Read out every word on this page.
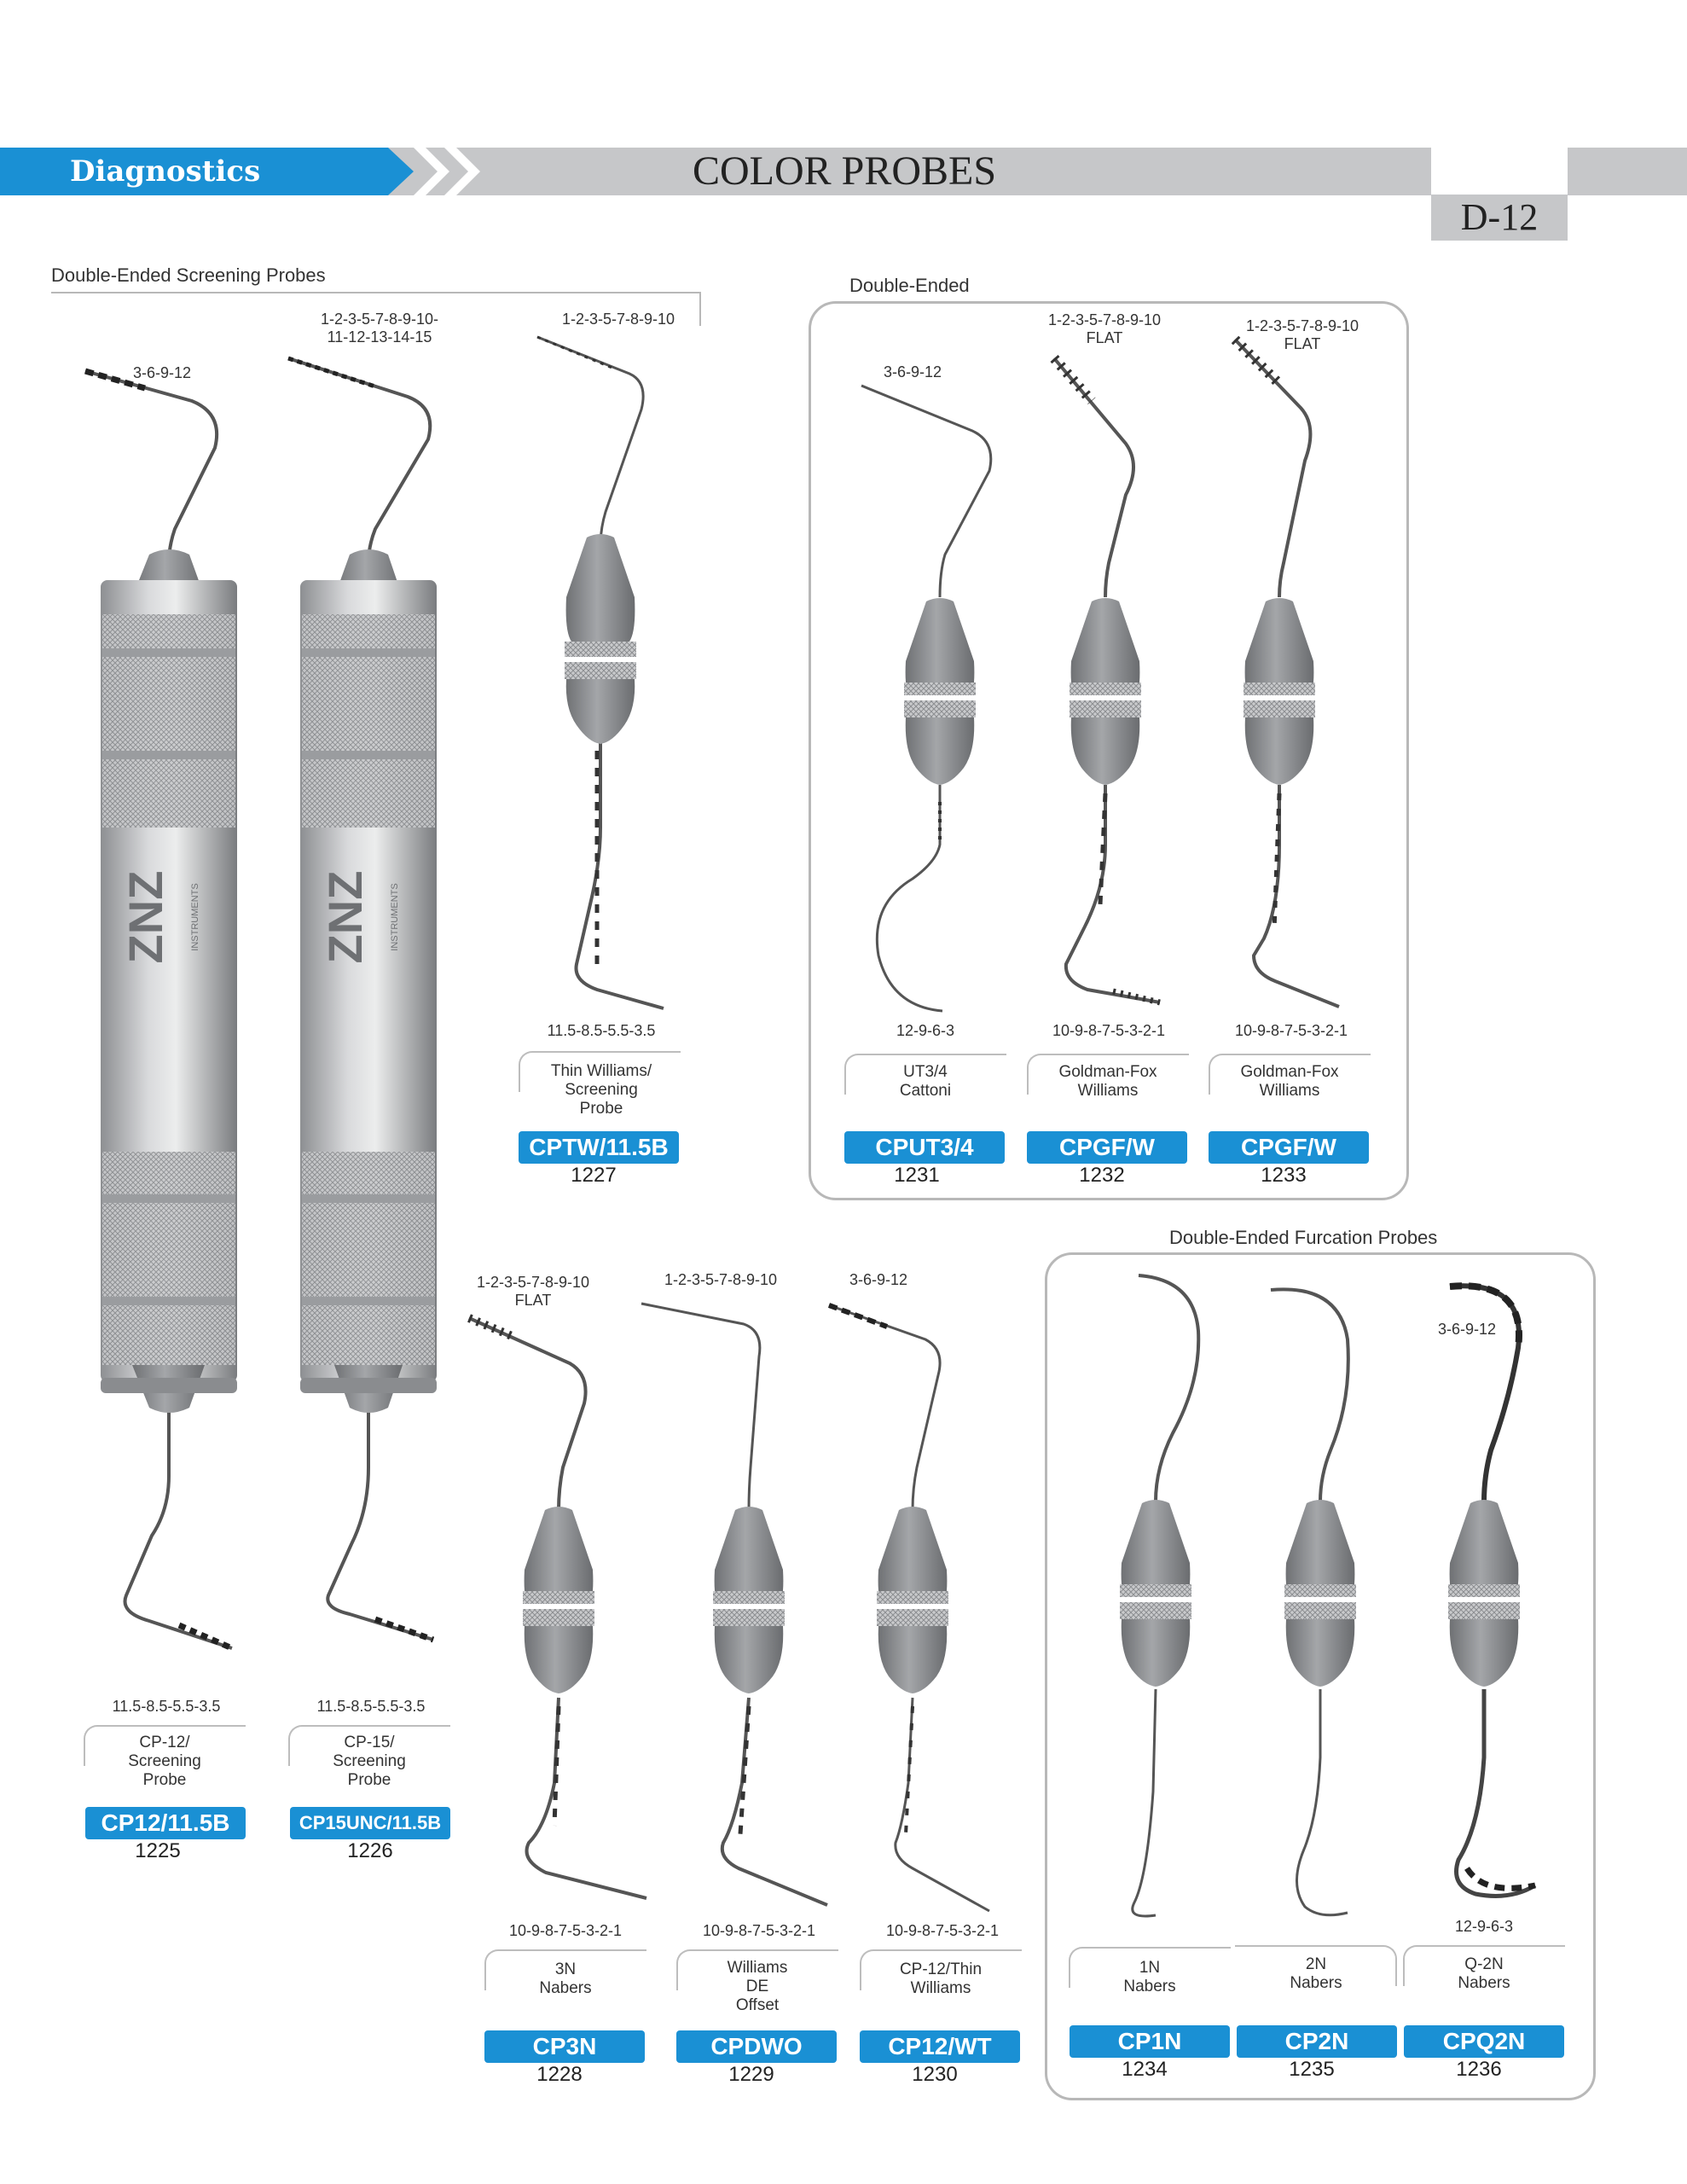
Diagnostics	COLOR PROBES
D-12
Double-Ended Screening Probes	Double-Ended
Double-Ended Furcation Probes
ZNZ INSTRUMENTS ZNZ INSTRUMENTS
3-6-9-12
11.5-8.5-5.5-3.5
CP-12/
Screening
Probe
CP12/11.5B
1225
1-2-3-5-7-8-9-10-
11-12-13-14-15
11.5-8.5-5.5-3.5
CP-15/
Screening
Probe
CP15UNC/11.5B
1226
1-2-3-5-7-8-9-10
11.5-8.5-5.5-3.5
Thin Williams/
Screening
Probe
CPTW/11.5B
1227
3-6-9-12
12-9-6-3
UT3/4
Cattoni
CPUT3/4
1231
1-2-3-5-7-8-9-10
FLAT
10-9-8-7-5-3-2-1
Goldman-Fox
Williams
CPGF/W
1232
1-2-3-5-7-8-9-10
FLAT
10-9-8-7-5-3-2-1
Goldman-Fox
Williams
CPGF/W
1233
1-2-3-5-7-8-9-10
FLAT
10-9-8-7-5-3-2-1
3N
Nabers
CP3N
1228
1-2-3-5-7-8-9-10
10-9-8-7-5-3-2-1
Williams
DE
Offset
CPDWO
1229
3-6-9-12
10-9-8-7-5-3-2-1
CP-12/Thin
Williams
CP12/WT
1230
1N
Nabers
CP1N
1234
2N
Nabers
CP2N
1235
3-6-9-12
12-9-6-3
Q-2N
Nabers
CPQ2N
1236
